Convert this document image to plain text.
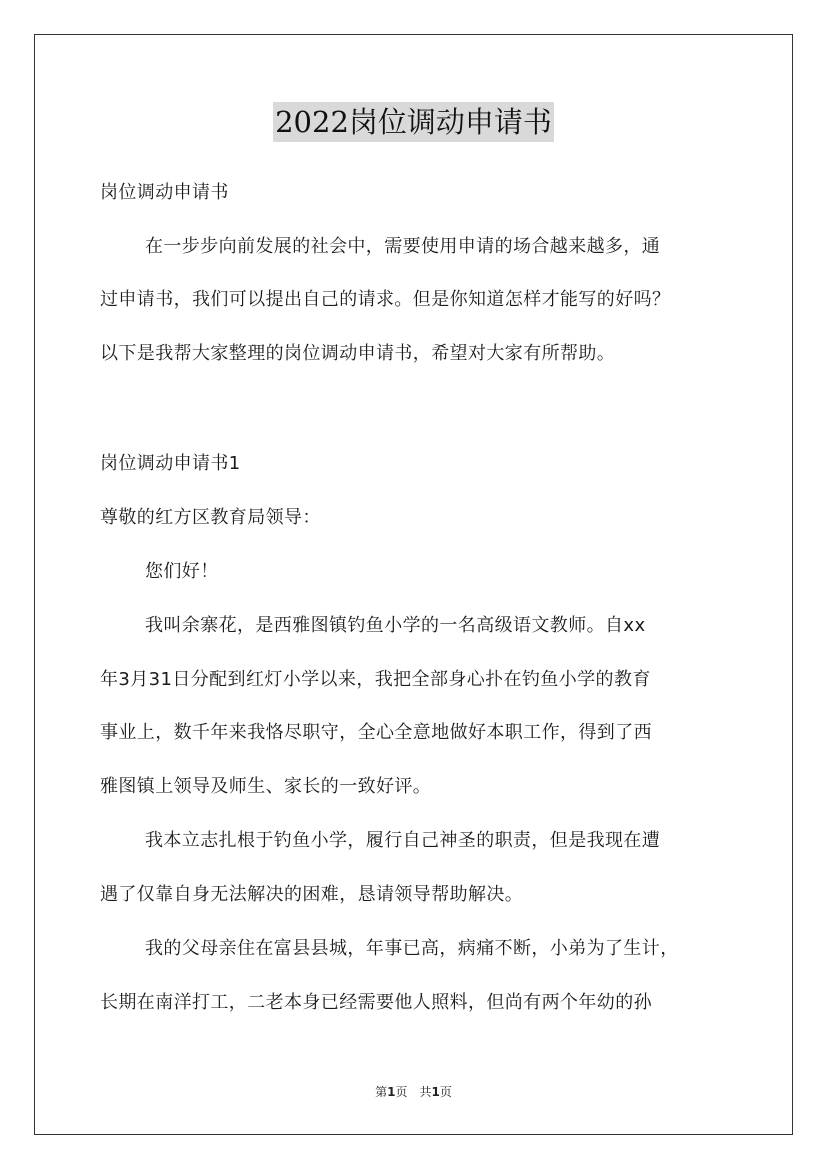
2022岗位调动申请书
岗位调动申请书
在一步步向前发展的社会中，需要使用申请的场合越来越多，通
过申请书，我们可以提出自己的请求。但是你知道怎样才能写的好吗？
以下是我帮大家整理的岗位调动申请书，希望对大家有所帮助。
岗位调动申请书1
尊敬的红方区教育局领导：
您们好！
我叫余寨花，是西雅图镇钓鱼小学的一名高级语文教师。自xx
年3月31日分配到红灯小学以来，我把全部身心扑在钓鱼小学的教育
事业上，数千年来我恪尽职守，全心全意地做好本职工作，得到了西
雅图镇上领导及师生、家长的一致好评。
我本立志扎根于钓鱼小学，履行自己神圣的职责，但是我现在遭
遇了仅靠自身无法解决的困难，恳请领导帮助解决。
我的父母亲住在富县县城，年事已高，病痛不断，小弟为了生计，
长期在南洋打工，二老本身已经需要他人照料，但尚有两个年幼的孙
第1页 共1页
